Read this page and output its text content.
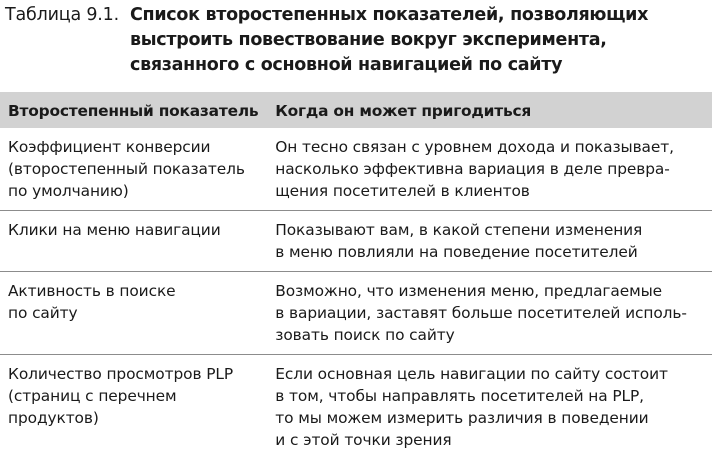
Таблица 9.1. Список второстепенных показателей, позволяющих
выстроить повествование вокруг эксперимента,
связанного с основной навигацией по сайту
Второстепенный показатель	Когда он может пригодиться

Коэффициент конверсии
(второстепенный показатель
по умолчанию)	Он тесно связан с уровнем дохода и показывает,
насколько эффективна вариация в деле превра-
щения посетителей в клиентов

Клики на меню навигации	Показывают вам, в какой степени изменения
в меню повлияли на поведение посетителей

Активность в поиске
по сайту	Возможно, что изменения меню, предлагаемые
в вариации, заставят больше посетителей исполь-
зовать поиск по сайту

Количество просмотров PLP
(страниц с перечнем
продуктов)	Если основная цель навигации по сайту состоит
в том, чтобы направлять посетителей на PLP,
то мы можем измерить различия в поведении
и с этой точки зрения
